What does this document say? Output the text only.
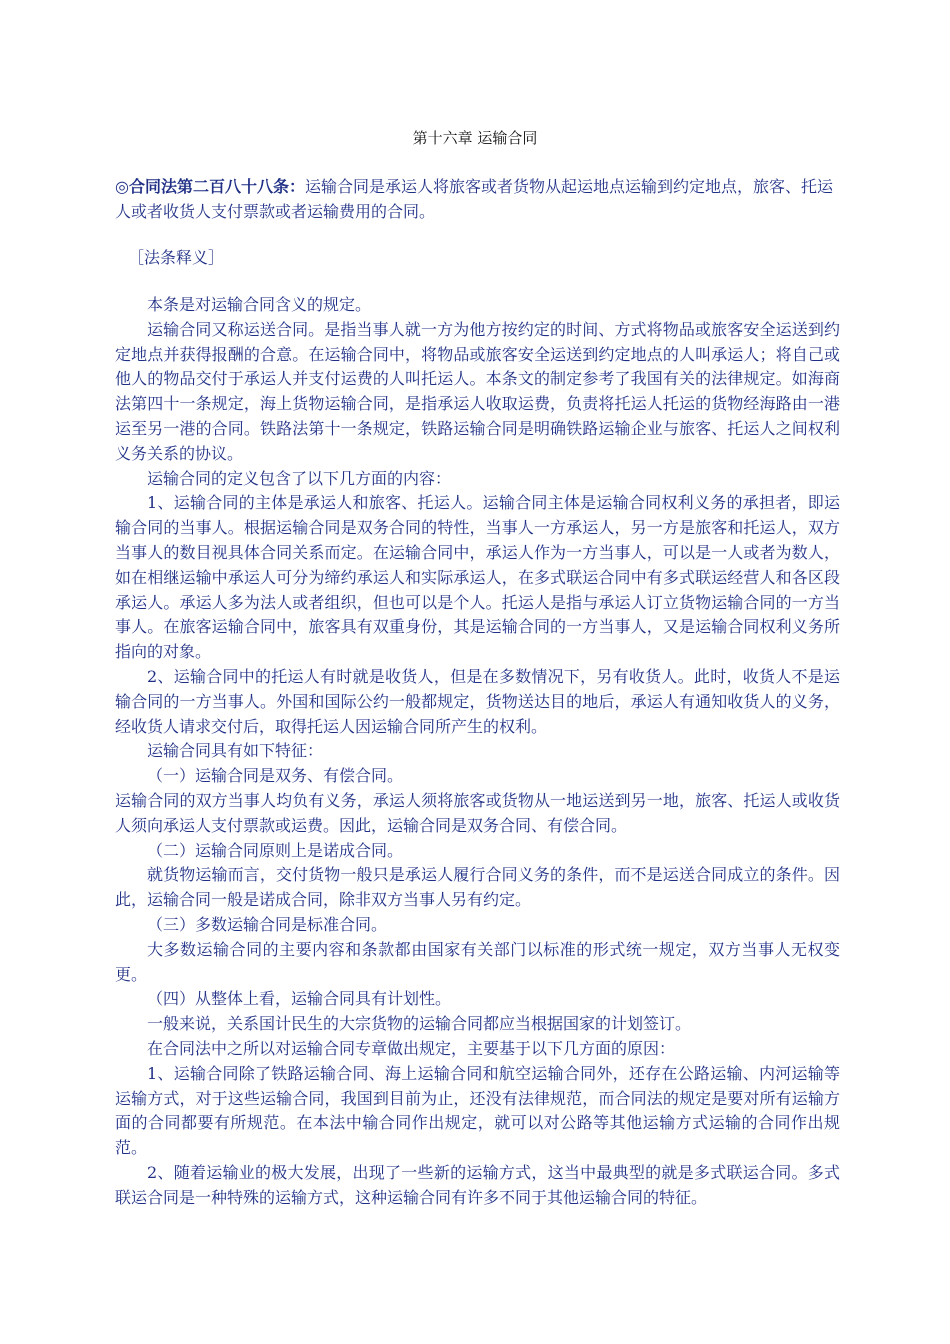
第十六章 运输合同
◎合同法第二百八十八条：运输合同是承运人将旅客或者货物从起运地点运输到约定地点，旅客、托运人或者收货人支付票款或者运输费用的合同。
［法条释义］

本条是对运输合同含义的规定。

运输合同又称运送合同。是指当事人就一方为他方按约定的时间、方式将物品或旅客安全运送到约定地点并获得报酬的合意。在运输合同中，将物品或旅客安全运送到约定地点的人叫承运人；将自己或他人的物品交付于承运人并支付运费的人叫托运人。本条文的制定参考了我国有关的法律规定。如海商法第四十一条规定，海上货物运输合同，是指承运人收取运费，负责将托运人托运的货物经海路由一港运至另一港的合同。铁路法第十一条规定，铁路运输合同是明确铁路运输企业与旅客、托运人之间权利义务关系的协议。

运输合同的定义包含了以下几方面的内容：

1、运输合同的主体是承运人和旅客、托运人。运输合同主体是运输合同权利义务的承担者，即运输合同的当事人。根据运输合同是双务合同的特性，当事人一方承运人，另一方是旅客和托运人，双方当事人的数目视具体合同关系而定。在运输合同中，承运人作为一方当事人，可以是一人或者为数人，如在相继运输中承运人可分为缔约承运人和实际承运人，在多式联运合同中有多式联运经营人和各区段承运人。承运人多为法人或者组织，但也可以是个人。托运人是指与承运人订立货物运输合同的一方当事人。在旅客运输合同中，旅客具有双重身份，其是运输合同的一方当事人，又是运输合同权利义务所指向的对象。

2、运输合同中的托运人有时就是收货人，但是在多数情况下，另有收货人。此时，收货人不是运输合同的一方当事人。外国和国际公约一般都规定，货物送达目的地后，承运人有通知收货人的义务，经收货人请求交付后，取得托运人因运输合同所产生的权利。

运输合同具有如下特征：

（一）运输合同是双务、有偿合同。

运输合同的双方当事人均负有义务，承运人须将旅客或货物从一地运送到另一地，旅客、托运人或收货人须向承运人支付票款或运费。因此，运输合同是双务合同、有偿合同。

（二）运输合同原则上是诺成合同。

就货物运输而言，交付货物一般只是承运人履行合同义务的条件，而不是运送合同成立的条件。因此，运输合同一般是诺成合同，除非双方当事人另有约定。

（三）多数运输合同是标准合同。

大多数运输合同的主要内容和条款都由国家有关部门以标准的形式统一规定，双方当事人无权变更。

（四）从整体上看，运输合同具有计划性。

一般来说，关系国计民生的大宗货物的运输合同都应当根据国家的计划签订。

在合同法中之所以对运输合同专章做出规定，主要基于以下几方面的原因：

1、运输合同除了铁路运输合同、海上运输合同和航空运输合同外，还存在公路运输、内河运输等运输方式，对于这些运输合同，我国到目前为止，还没有法律规范，而合同法的规定是要对所有运输方面的合同都要有所规范。在本法中输合同作出规定，就可以对公路等其他运输方式运输的合同作出规范。

2、随着运输业的极大发展，出现了一些新的运输方式，这当中最典型的就是多式联运合同。多式联运合同是一种特殊的运输方式，这种运输合同有许多不同于其他运输合同的特征。
